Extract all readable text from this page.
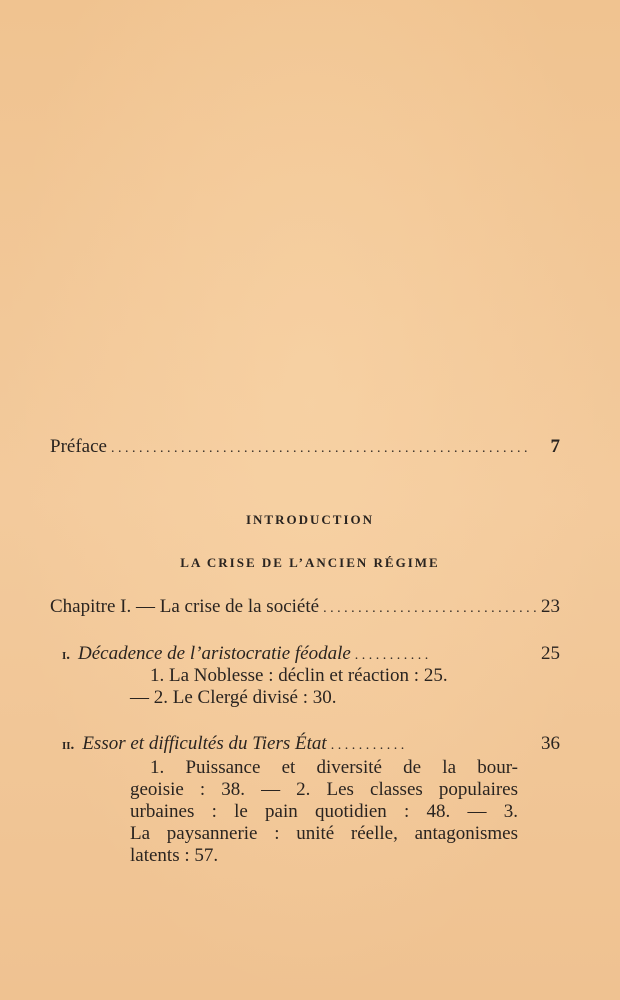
Préface . . .	7
INTRODUCTION
LA CRISE DE L’ANCIEN RÉGIME
Chapitre I. — La crise de la société . . .	23
i. Décadence de l’aristocratie féodale . . .	25
1. La Noblesse : déclin et réaction : 25.
— 2. Le Clergé divisé : 30.
ii. Essor et difficultés du Tiers État . . .	36
1. Puissance et diversité de la bour-
geoisie : 38. — 2. Les classes populaires
urbaines : le pain quotidien : 48. — 3.
La paysannerie : unité réelle, antagonismes
latents : 57.
